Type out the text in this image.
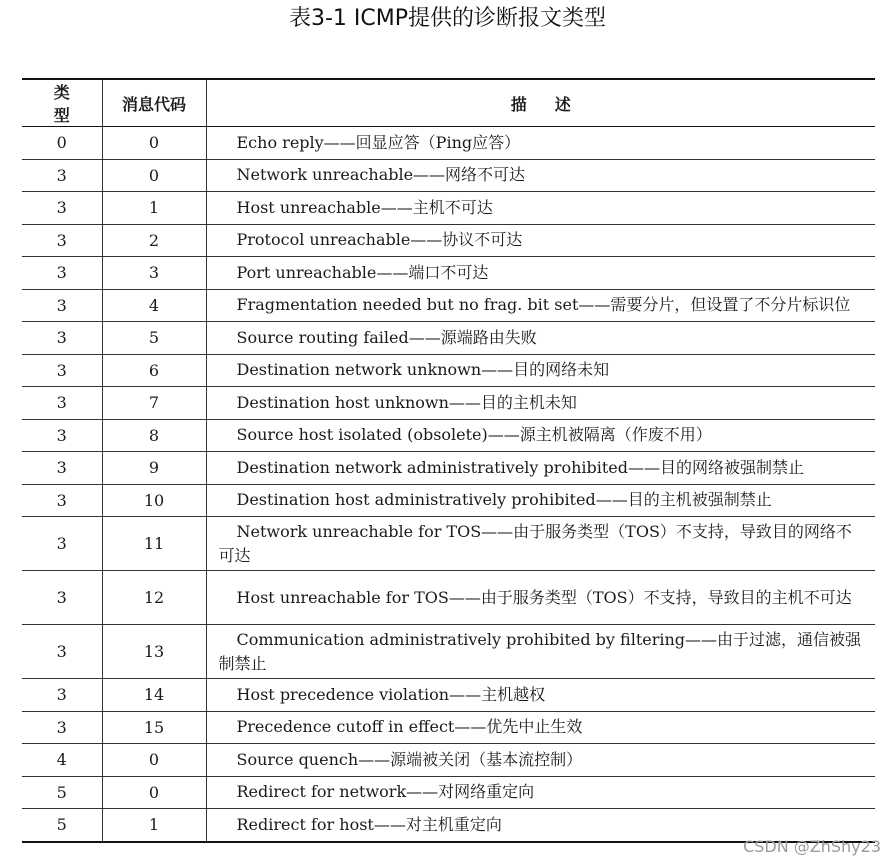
表3-1 ICMP提供的诊断报文类型
类型	消息代码	描述
0	0	Echo reply——回显应答（Ping应答）

3	0	Network unreachable——网络不可达

3	1	Host unreachable——主机不可达

3	2	Protocol unreachable——协议不可达

3	3	Port unreachable——端口不可达

3	4	Fragmentation needed but no frag. bit set——需要分片，但设置了不分片标识位

3	5	Source routing failed——源端路由失败

3	6	Destination network unknown——目的网络未知

3	7	Destination host unknown——目的主机未知

3	8	Source host isolated (obsolete)——源主机被隔离（作废不用）

3	9	Destination network administratively prohibited——目的网络被强制禁止

3	10	Destination host administratively prohibited——目的主机被强制禁止

3	11	Network unreachable for TOS——由于服务类型（TOS）不支持，导致目的网络不可达

3	12	Host unreachable for TOS——由于服务类型（TOS）不支持，导致目的主机不可达

3	13	Communication administratively prohibited by filtering——由于过滤，通信被强制禁止

3	14	Host precedence violation——主机越权

3	15	Precedence cutoff in effect——优先中止生效

4	0	Source quench——源端被关闭（基本流控制）

5	0	Redirect for network——对网络重定向

5	1	Redirect for host——对主机重定向
CSDN @ZhShy23
